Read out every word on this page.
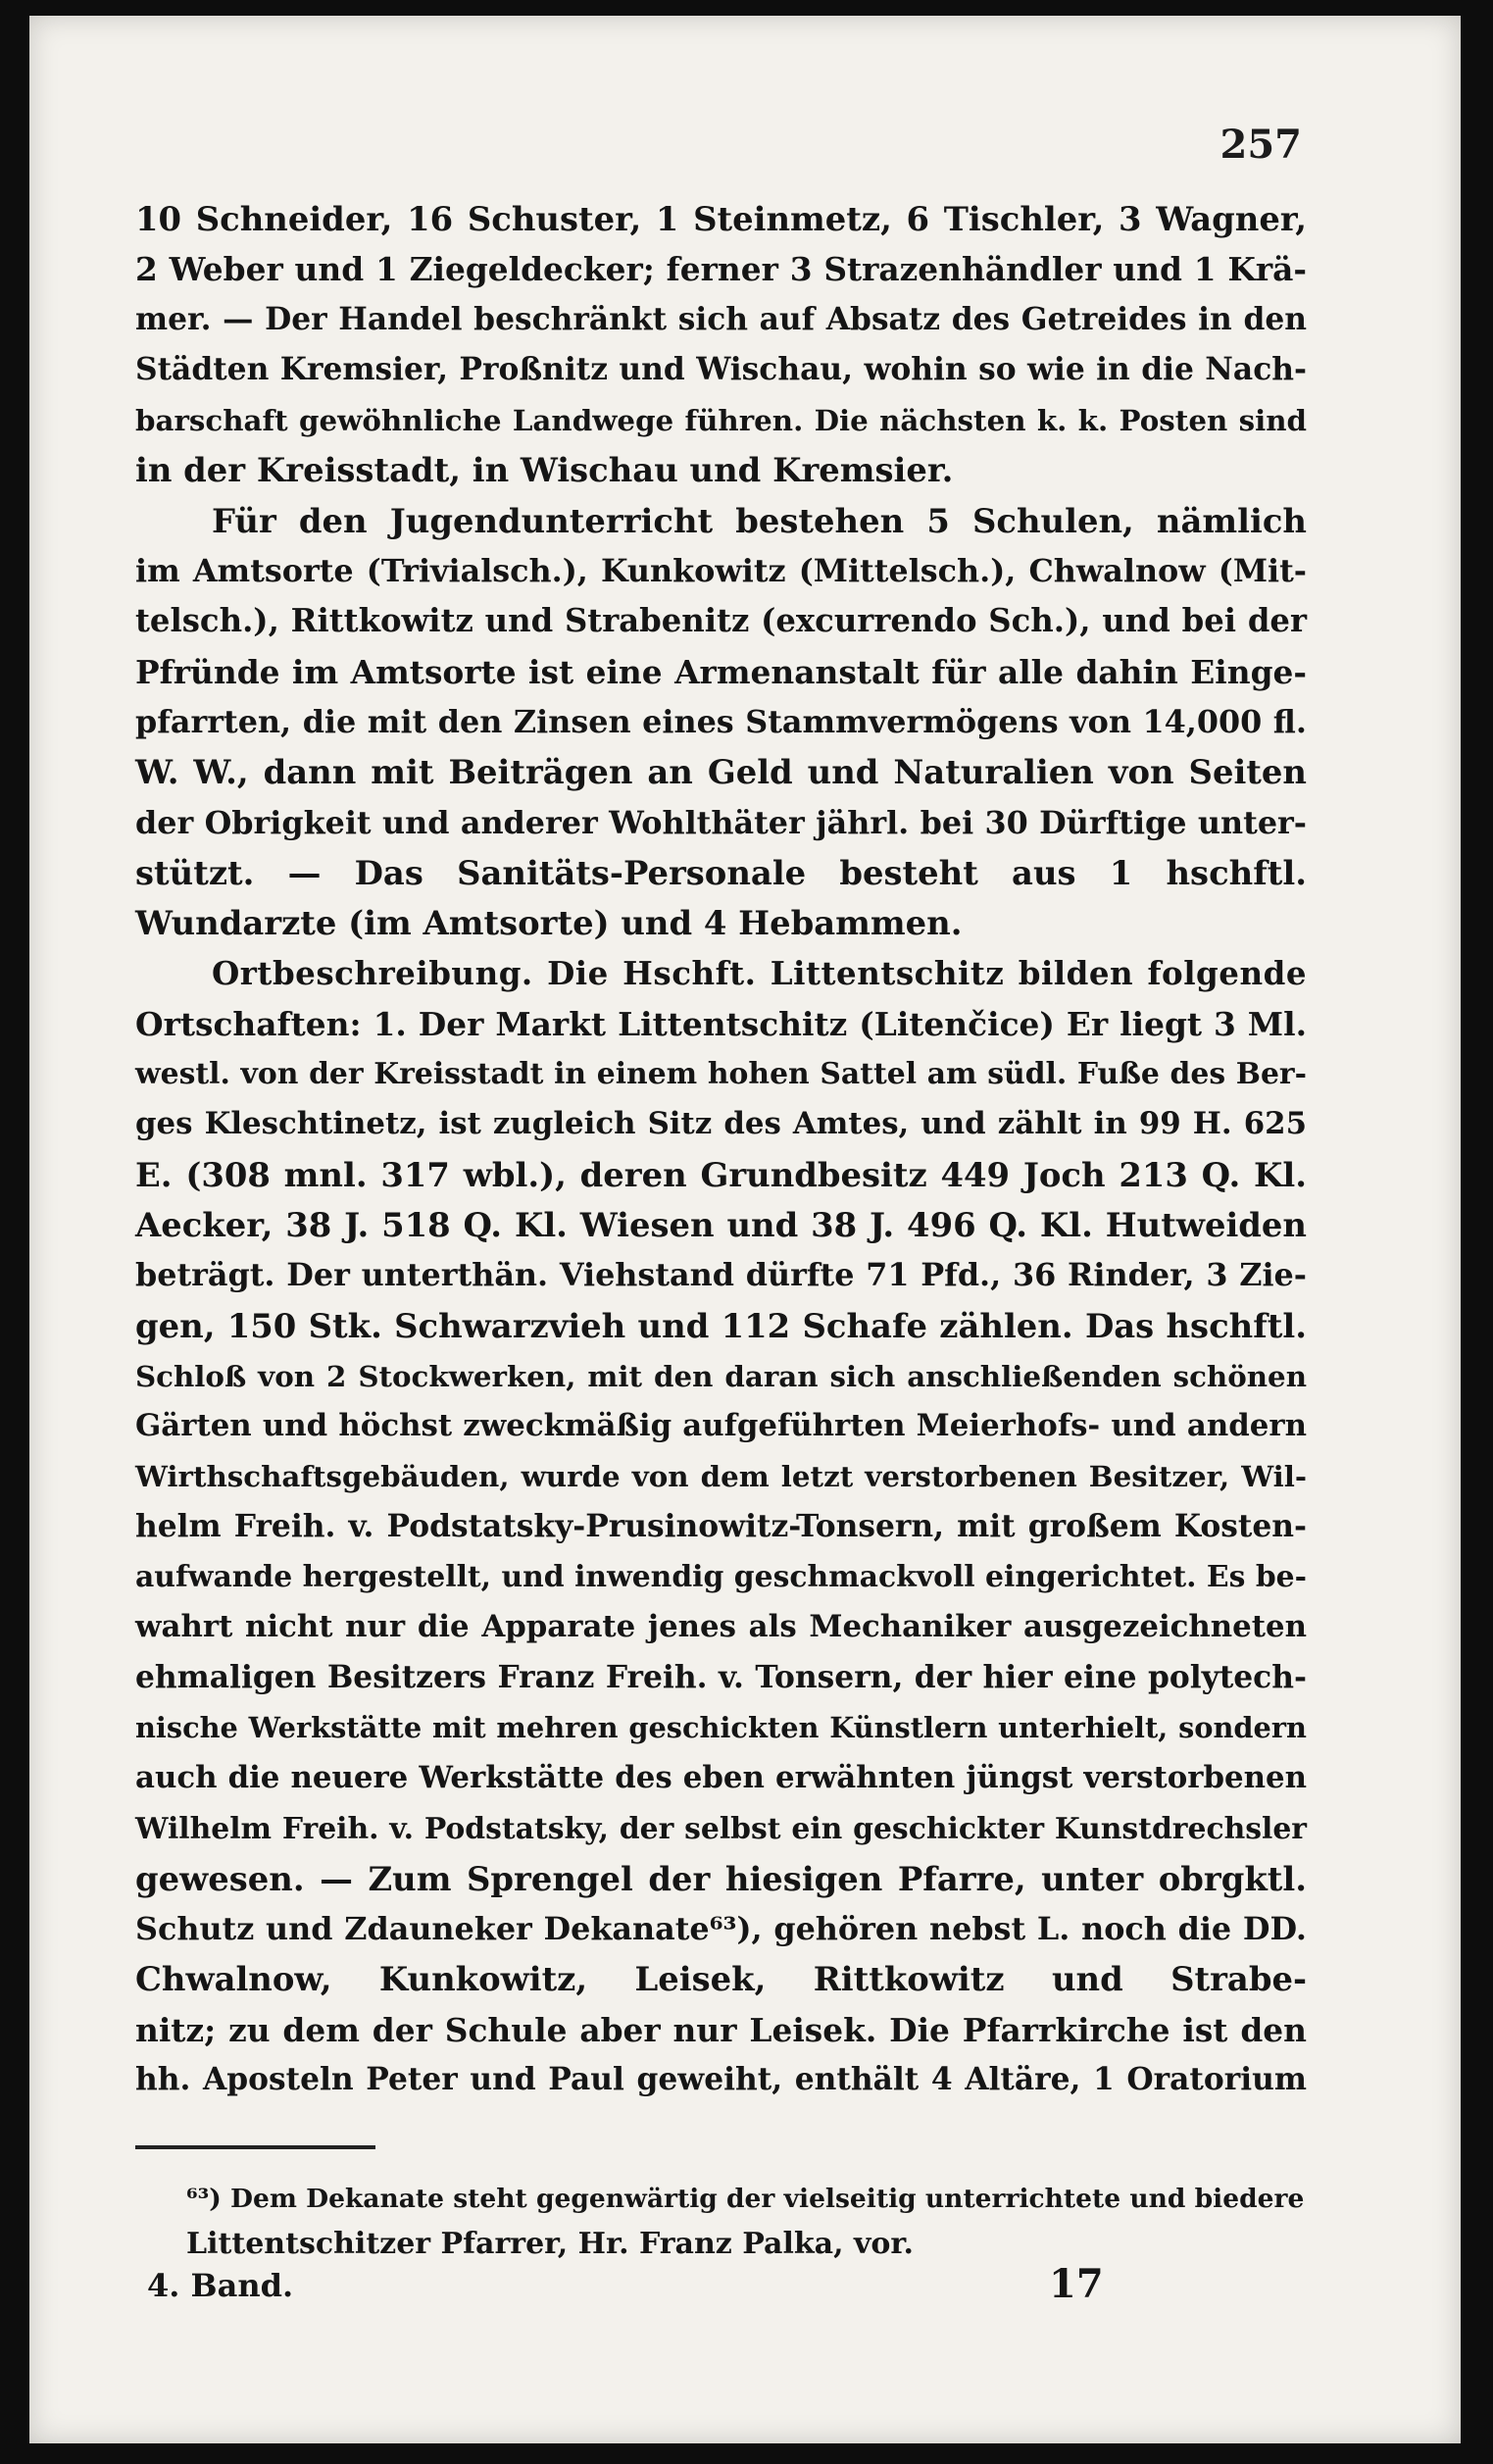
257
10 Schneider, 16 Schuster, 1 Steinmetz, 6 Tischler, 3 Wagner,
2 Weber und 1 Ziegeldecker; ferner 3 Strazenhändler und 1 Krä-
mer. — Der Handel beschränkt sich auf Absatz des Getreides in den
Städten Kremsier, Proßnitz und Wischau, wohin so wie in die Nach-
barschaft gewöhnliche Landwege führen. Die nächsten k. k. Posten sind
in der Kreisstadt, in Wischau und Kremsier.
Für den Jugendunterricht bestehen 5 Schulen, nämlich
im Amtsorte (Trivialsch.), Kunkowitz (Mittelsch.), Chwalnow (Mit-
telsch.), Rittkowitz und Strabenitz (excurrendo Sch.), und bei der
Pfründe im Amtsorte ist eine Armenanstalt für alle dahin Einge-
pfarrten, die mit den Zinsen eines Stammvermögens von 14,000 fl.
W. W., dann mit Beiträgen an Geld und Naturalien von Seiten
der Obrigkeit und anderer Wohlthäter jährl. bei 30 Dürftige unter-
stützt. — Das Sanitäts-Personale besteht aus 1 hschftl.
Wundarzte (im Amtsorte) und 4 Hebammen.
Ortbeschreibung. Die Hschft. Littentschitz bilden folgende
Ortschaften: 1. Der Markt Littentschitz (Litenčice) Er liegt 3 Ml.
westl. von der Kreisstadt in einem hohen Sattel am südl. Fuße des Ber-
ges Kleschtinetz, ist zugleich Sitz des Amtes, und zählt in 99 H. 625
E. (308 mnl. 317 wbl.), deren Grundbesitz 449 Joch 213 Q. Kl.
Aecker, 38 J. 518 Q. Kl. Wiesen und 38 J. 496 Q. Kl. Hutweiden
beträgt. Der unterthän. Viehstand dürfte 71 Pfd., 36 Rinder, 3 Zie-
gen, 150 Stk. Schwarzvieh und 112 Schafe zählen. Das hschftl.
Schloß von 2 Stockwerken, mit den daran sich anschließenden schönen
Gärten und höchst zweckmäßig aufgeführten Meierhofs- und andern
Wirthschaftsgebäuden, wurde von dem letzt verstorbenen Besitzer, Wil-
helm Freih. v. Podstatsky-Prusinowitz-Tonsern, mit großem Kosten-
aufwande hergestellt, und inwendig geschmackvoll eingerichtet. Es be-
wahrt nicht nur die Apparate jenes als Mechaniker ausgezeichneten
ehmaligen Besitzers Franz Freih. v. Tonsern, der hier eine polytech-
nische Werkstätte mit mehren geschickten Künstlern unterhielt, sondern
auch die neuere Werkstätte des eben erwähnten jüngst verstorbenen
Wilhelm Freih. v. Podstatsky, der selbst ein geschickter Kunstdrechsler
gewesen. — Zum Sprengel der hiesigen Pfarre, unter obrgktl.
Schutz und Zdauneker Dekanate⁶³), gehören nebst L. noch die DD.
Chwalnow, Kunkowitz, Leisek, Rittkowitz und Strabe-
nitz; zu dem der Schule aber nur Leisek. Die Pfarrkirche ist den
hh. Aposteln Peter und Paul geweiht, enthält 4 Altäre, 1 Oratorium
⁶³) Dem Dekanate steht gegenwärtig der vielseitig unterrichtete und biedere
Littentschitzer Pfarrer, Hr. Franz Palka, vor.
4. Band.	17
